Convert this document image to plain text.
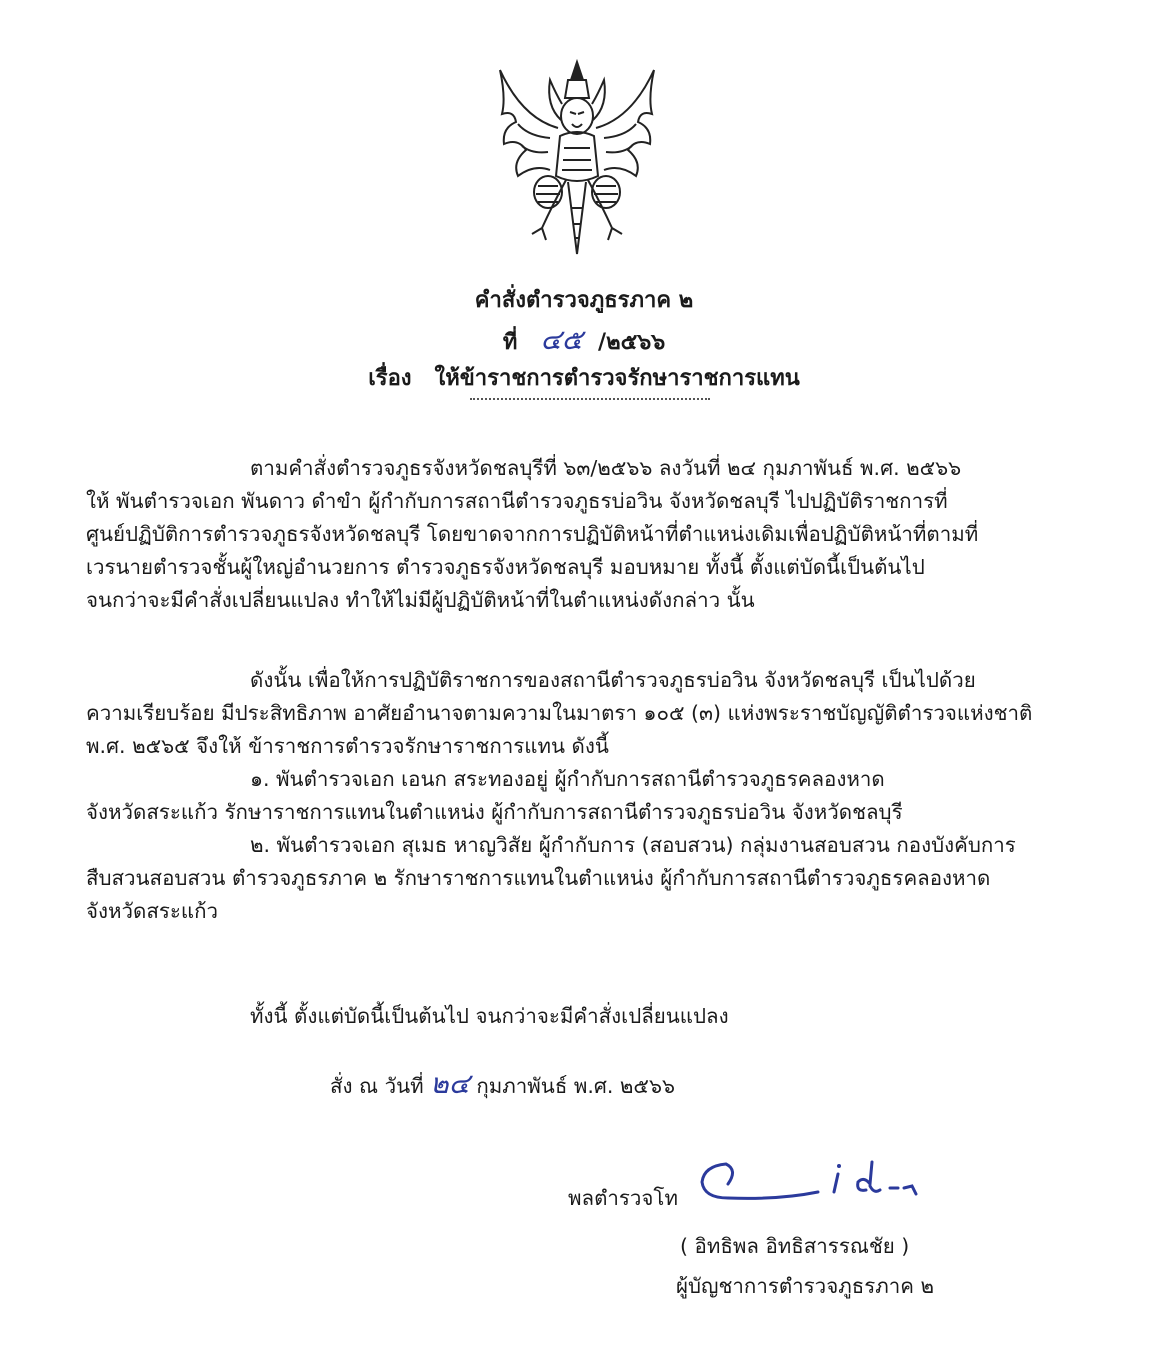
คำสั่งตำรวจภูธรภาค ๒
ที่ ๔๕ /๒๕๖๖
เรื่อง ให้ข้าราชการตำรวจรักษาราชการแทน
ตามคำสั่งตำรวจภูธรจังหวัดชลบุรีที่ ๖๓/๒๕๖๖ ลงวันที่ ๒๔ กุมภาพันธ์ พ.ศ. ๒๕๖๖
ให้ พันตำรวจเอก พันดาว ดำขำ ผู้กำกับการสถานีตำรวจภูธรบ่อวิน จังหวัดชลบุรี ไปปฏิบัติราชการที่
ศูนย์ปฏิบัติการตำรวจภูธรจังหวัดชลบุรี โดยขาดจากการปฏิบัติหน้าที่ตำแหน่งเดิมเพื่อปฏิบัติหน้าที่ตามที่
เวรนายตำรวจชั้นผู้ใหญ่อำนวยการ ตำรวจภูธรจังหวัดชลบุรี มอบหมาย ทั้งนี้ ตั้งแต่บัดนี้เป็นต้นไป
จนกว่าจะมีคำสั่งเปลี่ยนแปลง ทำให้ไม่มีผู้ปฏิบัติหน้าที่ในตำแหน่งดังกล่าว นั้น
ดังนั้น เพื่อให้การปฏิบัติราชการของสถานีตำรวจภูธรบ่อวิน จังหวัดชลบุรี เป็นไปด้วย
ความเรียบร้อย มีประสิทธิภาพ อาศัยอำนาจตามความในมาตรา ๑๐๕ (๓) แห่งพระราชบัญญัติตำรวจแห่งชาติ
พ.ศ. ๒๕๖๕ จึงให้ ข้าราชการตำรวจรักษาราชการแทน ดังนี้
๑. พันตำรวจเอก เอนก สระทองอยู่ ผู้กำกับการสถานีตำรวจภูธรคลองหาด
จังหวัดสระแก้ว รักษาราชการแทนในตำแหน่ง ผู้กำกับการสถานีตำรวจภูธรบ่อวิน จังหวัดชลบุรี
๒. พันตำรวจเอก สุเมธ หาญวิสัย ผู้กำกับการ (สอบสวน) กลุ่มงานสอบสวน กองบังคับการ
สืบสวนสอบสวน ตำรวจภูธรภาค ๒ รักษาราชการแทนในตำแหน่ง ผู้กำกับการสถานีตำรวจภูธรคลองหาด
จังหวัดสระแก้ว
ทั้งนี้ ตั้งแต่บัดนี้เป็นต้นไป จนกว่าจะมีคำสั่งเปลี่ยนแปลง
สั่ง ณ วันที่ ๒๔ กุมภาพันธ์ พ.ศ. ๒๕๖๖
พลตำรวจโท
( อิทธิพล อิทธิสารรณชัย )
ผู้บัญชาการตำรวจภูธรภาค ๒
